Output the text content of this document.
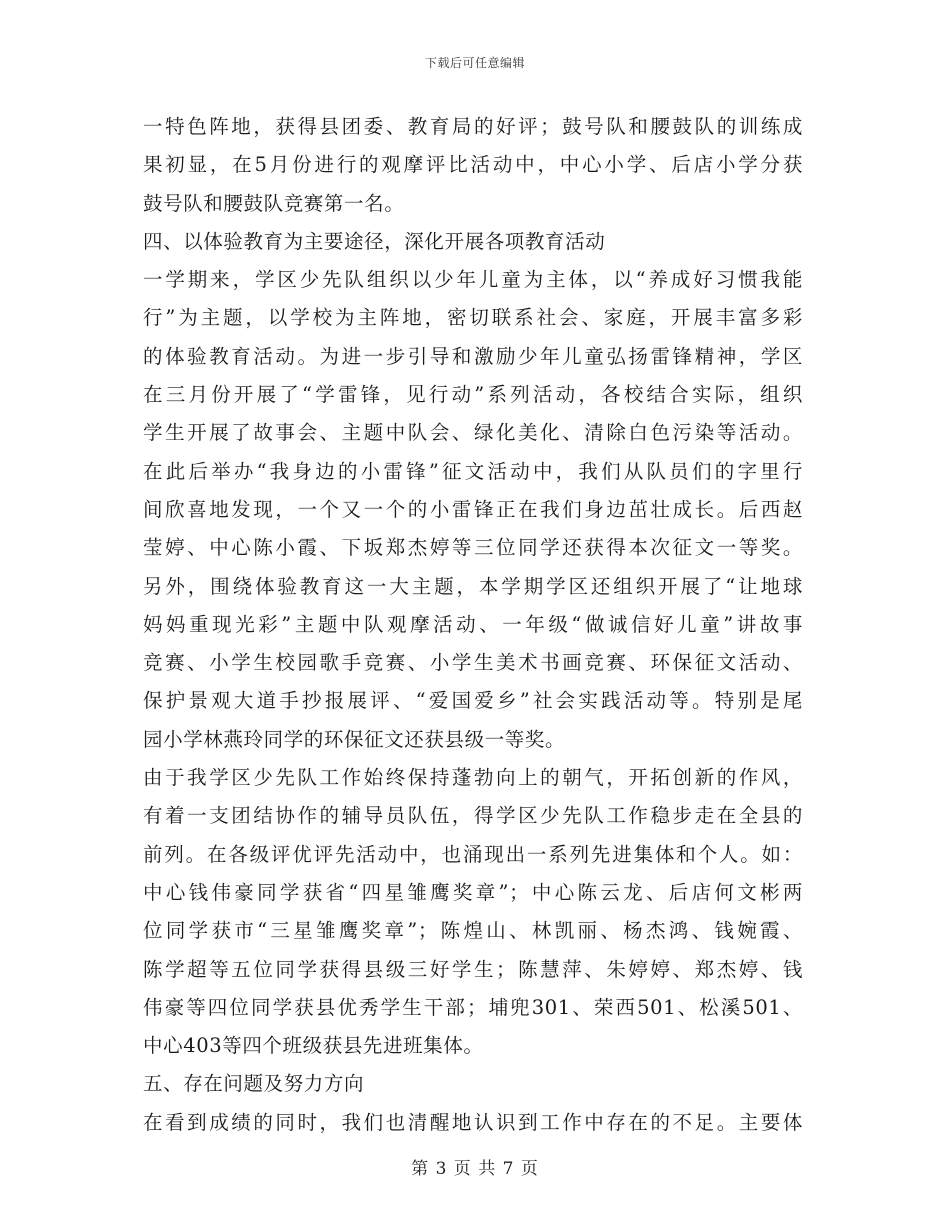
下载后可任意编辑
一特色阵地，获得县团委、教育局的好评；鼓号队和腰鼓队的训练成
果初显，在5月份进行的观摩评比活动中，中心小学、后店小学分获
鼓号队和腰鼓队竞赛第一名。
四、以体验教育为主要途径，深化开展各项教育活动
一学期来，学区少先队组织以少年儿童为主体，以“养成好习惯我能
行”为主题，以学校为主阵地，密切联系社会、家庭，开展丰富多彩
的体验教育活动。为进一步引导和激励少年儿童弘扬雷锋精神，学区
在三月份开展了“学雷锋，见行动”系列活动，各校结合实际，组织
学生开展了故事会、主题中队会、绿化美化、清除白色污染等活动。
在此后举办“我身边的小雷锋”征文活动中，我们从队员们的字里行
间欣喜地发现，一个又一个的小雷锋正在我们身边茁壮成长。后西赵
莹婷、中心陈小霞、下坂郑杰婷等三位同学还获得本次征文一等奖。
另外，围绕体验教育这一大主题，本学期学区还组织开展了“让地球
妈妈重现光彩”主题中队观摩活动、一年级“做诚信好儿童”讲故事
竞赛、小学生校园歌手竞赛、小学生美术书画竞赛、环保征文活动、
保护景观大道手抄报展评、“爱国爱乡”社会实践活动等。特别是尾
园小学林燕玲同学的环保征文还获县级一等奖。
由于我学区少先队工作始终保持蓬勃向上的朝气，开拓创新的作风，
有着一支团结协作的辅导员队伍，得学区少先队工作稳步走在全县的
前列。在各级评优评先活动中，也涌现出一系列先进集体和个人。如：
中心钱伟豪同学获省“四星雏鹰奖章”；中心陈云龙、后店何文彬两
位同学获市“三星雏鹰奖章”；陈煌山、林凯丽、杨杰鸿、钱婉霞、
陈学超等五位同学获得县级三好学生；陈慧萍、朱婷婷、郑杰婷、钱
伟豪等四位同学获县优秀学生干部；埔兜301、荣西501、松溪501、
中心403等四个班级获县先进班集体。
五、存在问题及努力方向
在看到成绩的同时，我们也清醒地认识到工作中存在的不足。主要体
第 3 页 共 7 页
